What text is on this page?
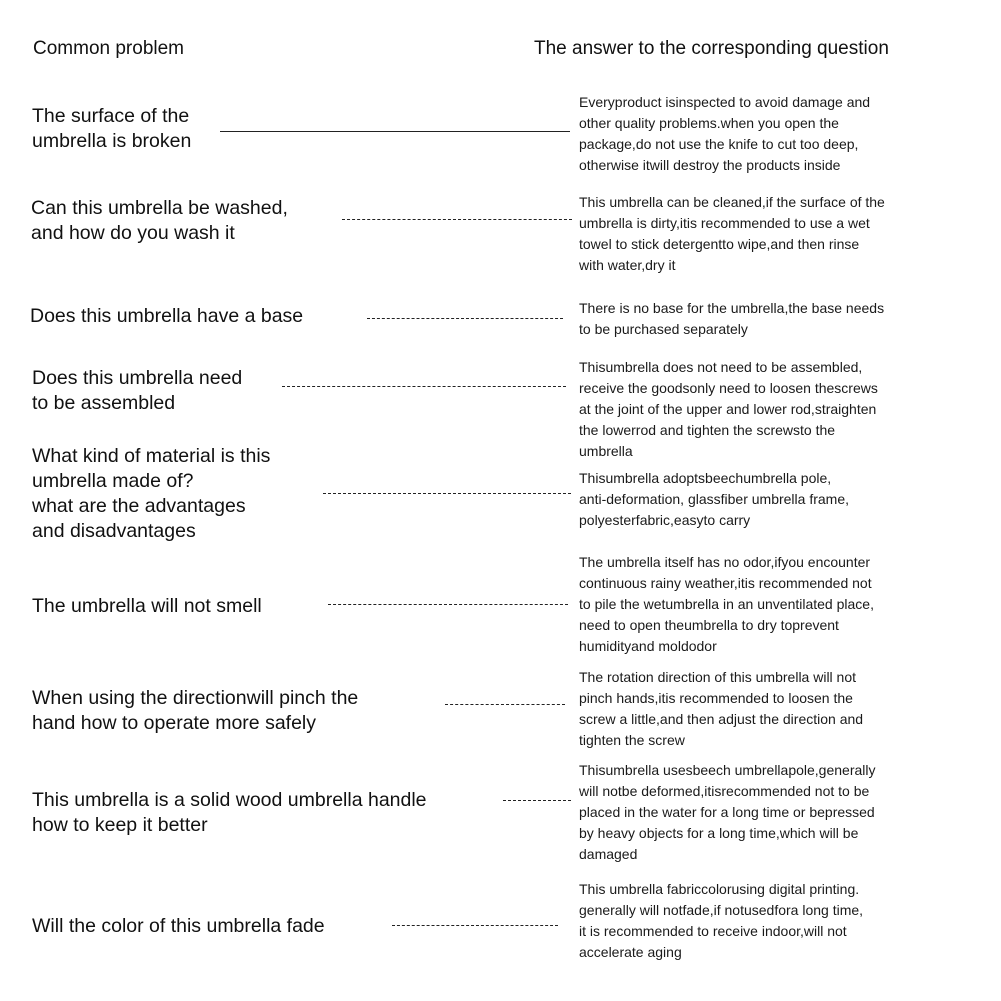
Common problem	The answer to the corresponding question
The surface of the
umbrella is broken
Everyproduct isinspected to avoid damage and
other quality problems.when you open the
package,do not use the knife to cut too deep,
otherwise itwill destroy the products inside
Can this umbrella be washed,
and how do you wash it
This umbrella can be cleaned,if the surface of the
umbrella is dirty,itis recommended to use a wet
towel to stick detergentto wipe,and then rinse
with water,dry it
Does this umbrella have a base	There is no base for the umbrella,the base needs
to be purchased separately
Does this umbrella need
to be assembled
Thisumbrella does not need to be assembled,
receive the goodsonly need to loosen thescrews
at the joint of the upper and lower rod,straighten
the lowerrod and tighten the screwsto the
umbrella
What kind of material is this
umbrella made of?
what are the advantages
and disadvantages
Thisumbrella adoptsbeechumbrella pole,
anti-deformation, glassfiber umbrella frame,
polyesterfabric,easyto carry
The umbrella will not smell
The umbrella itself has no odor,ifyou encounter
continuous rainy weather,itis recommended not
to pile the wetumbrella in an unventilated place,
need to open theumbrella to dry toprevent
humidityand moldodor
When using the directionwill pinch the
hand how to operate more safely
The rotation direction of this umbrella will not
pinch hands,itis recommended to loosen the
screw a little,and then adjust the direction and
tighten the screw
This umbrella is a solid wood umbrella handle
how to keep it better
Thisumbrella usesbeech umbrellapole,generally
will notbe deformed,itisrecommended not to be
placed in the water for a long time or bepressed
by heavy objects for a long time,which will be
damaged
Will the color of this umbrella fade
This umbrella fabriccolorusing digital printing.
generally will notfade,if notusedfora long time,
it is recommended to receive indoor,will not
accelerate aging
